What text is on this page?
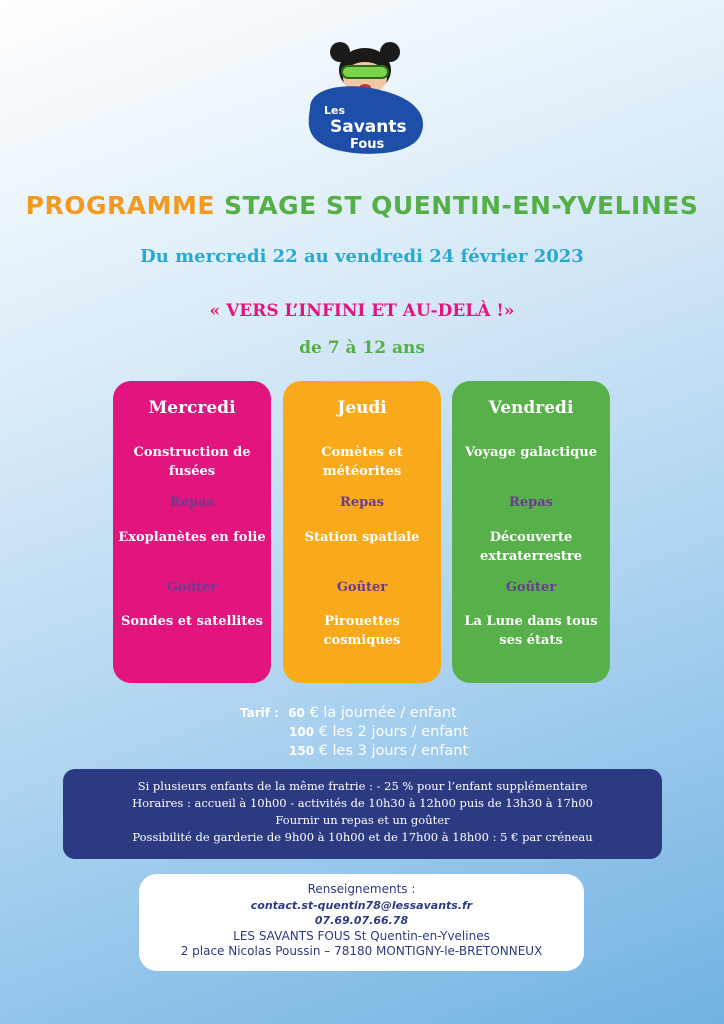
Les
Savants
Fous
PROGRAMME STAGE ST QUENTIN-EN-YVELINES
Du mercredi 22 au vendredi 24 février 2023
« VERS L’INFINI ET AU-DELÀ !»
de 7 à 12 ans
Mercredi
Construction de fusées
Repas
Exoplanètes en folie
Goûter
Sondes et satellites
Jeudi
Comètes et météorites
Repas
Station spatiale
Goûter
Pirouettes cosmiques
Vendredi
Voyage galactique
Repas
Découverte extraterrestre
Goûter
La Lune dans tous ses états
Tarif : 60 € la journée / enfant
100 € les 2 jours / enfant
150 € les 3 jours / enfant
Si plusieurs enfants de la même fratrie : - 25 % pour l’enfant supplémentaire
Horaires : accueil à 10h00 - activités de 10h30 à 12h00 puis de 13h30 à 17h00
Fournir un repas et un goûter
Possibilité de garderie de 9h00 à 10h00 et de 17h00 à 18h00 : 5 € par créneau
Renseignements :
contact.st-quentin78@lessavants.fr
07.69.07.66.78
LES SAVANTS FOUS St Quentin-en-Yvelines
2 place Nicolas Poussin – 78180 MONTIGNY-le-BRETONNEUX
